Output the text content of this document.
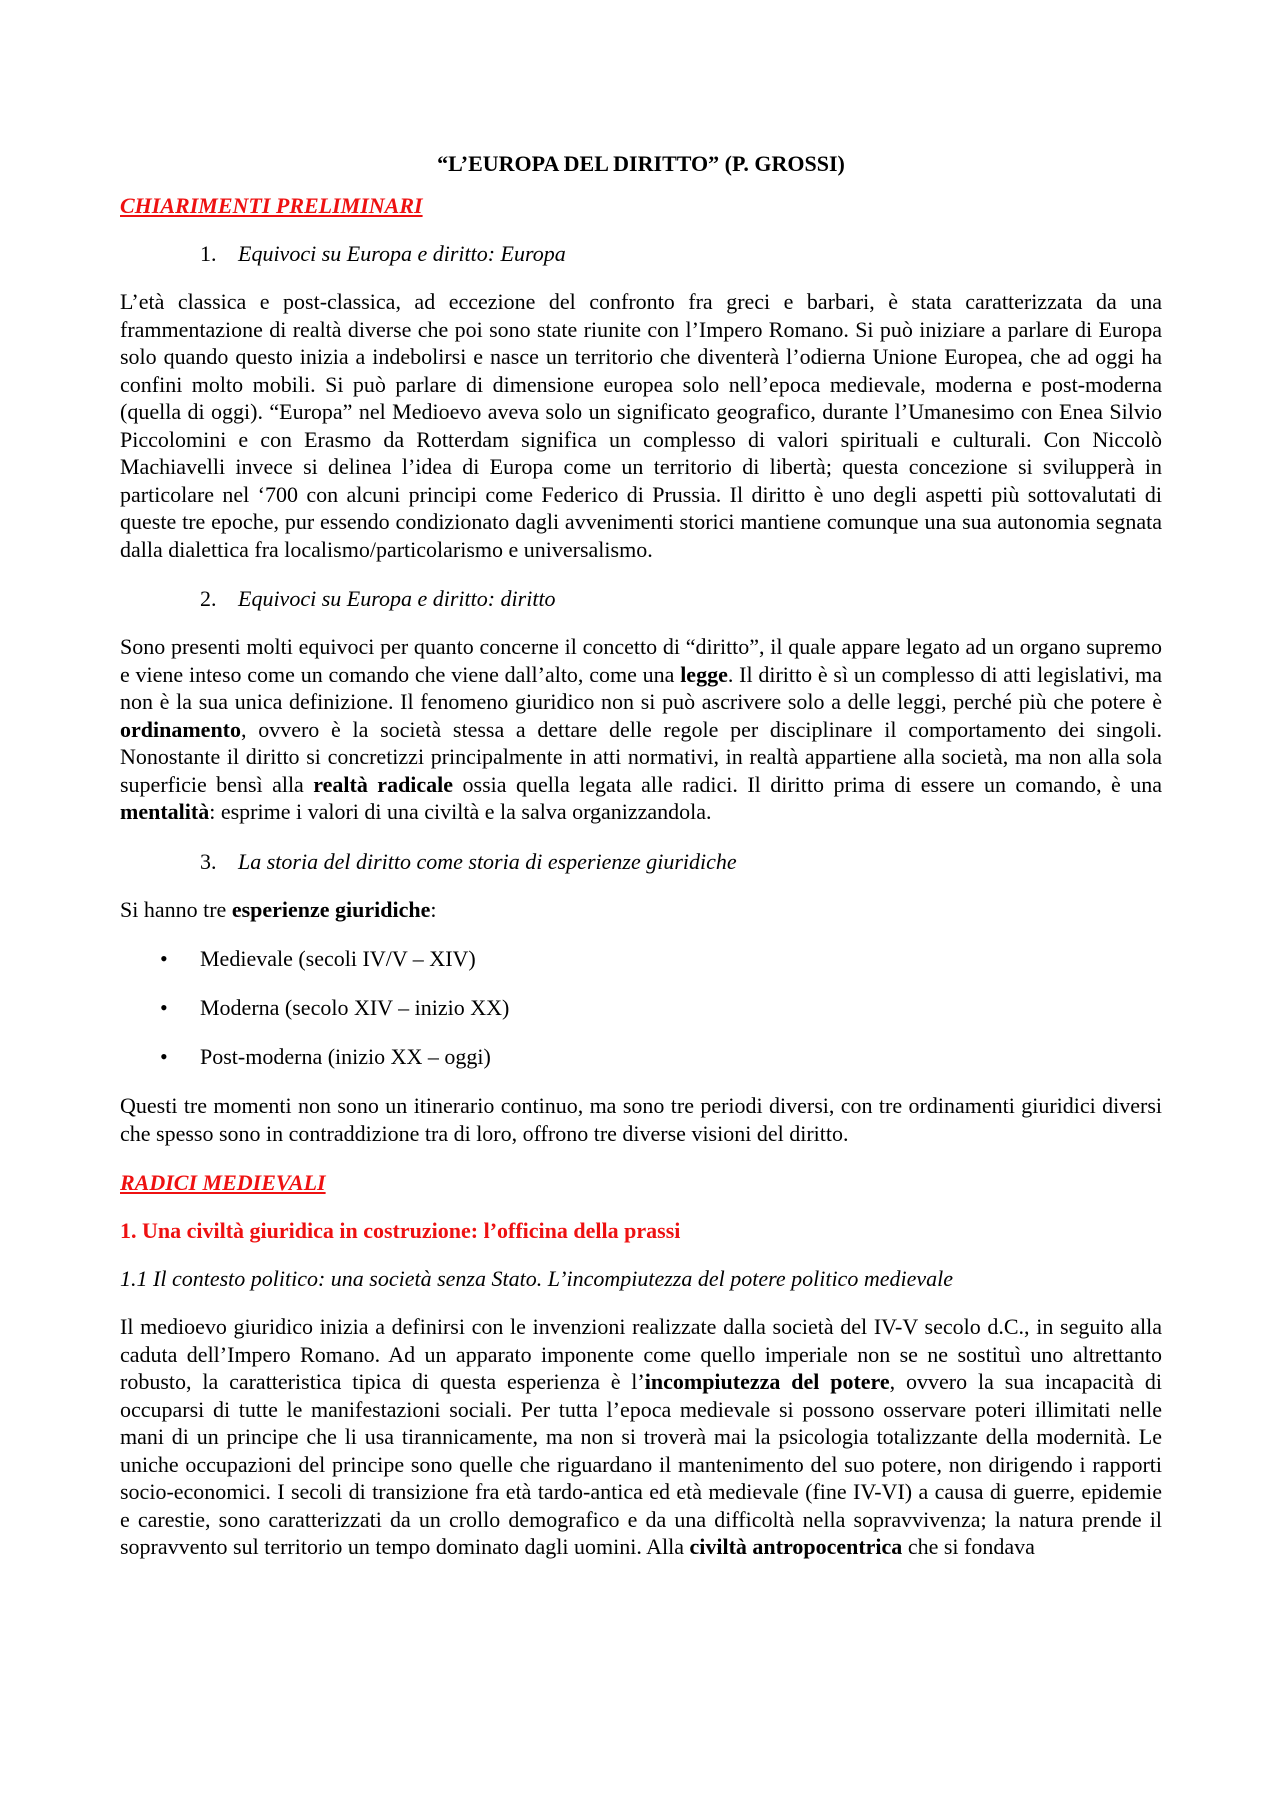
“L’EUROPA DEL DIRITTO” (P. GROSSI)
CHIARIMENTI PRELIMINARI
1. Equivoci su Europa e diritto: Europa

L’età classica e post-classica, ad eccezione del confronto fra greci e barbari, è stata caratterizzata da una frammentazione di realtà diverse che poi sono state riunite con l’Impero Romano. Si può iniziare a parlare di Europa solo quando questo inizia a indebolirsi e nasce un territorio che diventerà l’odierna Unione Europea, che ad oggi ha confini molto mobili. Si può parlare di dimensione europea solo nell’epoca medievale, moderna e post-moderna (quella di oggi). “Europa” nel Medioevo aveva solo un significato geografico, durante l’Umanesimo con Enea Silvio Piccolomini e con Erasmo da Rotterdam significa un complesso di valori spirituali e culturali. Con Niccolò Machiavelli invece si delinea l’idea di Europa come un territorio di libertà; questa concezione si svilupperà in particolare nel ‘700 con alcuni principi come Federico di Prussia. Il diritto è uno degli aspetti più sottovalutati di queste tre epoche, pur essendo condizionato dagli avvenimenti storici mantiene comunque una sua autonomia segnata dalla dialettica fra localismo/particolarismo e universalismo.

2. Equivoci su Europa e diritto: diritto

Sono presenti molti equivoci per quanto concerne il concetto di “diritto”, il quale appare legato ad un organo supremo e viene inteso come un comando che viene dall’alto, come una legge. Il diritto è sì un complesso di atti legislativi, ma non è la sua unica definizione. Il fenomeno giuridico non si può ascrivere solo a delle leggi, perché più che potere è ordinamento, ovvero è la società stessa a dettare delle regole per disciplinare il comportamento dei singoli. Nonostante il diritto si concretizzi principalmente in atti normativi, in realtà appartiene alla società, ma non alla sola superficie bensì alla realtà radicale ossia quella legata alle radici. Il diritto prima di essere un comando, è una mentalità: esprime i valori di una civiltà e la salva organizzandola.

3. La storia del diritto come storia di esperienze giuridiche

Si hanno tre esperienze giuridiche:

• Medievale (secoli IV/V – XIV)
• Moderna (secolo XIV – inizio XX)
• Post-moderna (inizio XX – oggi)

Questi tre momenti non sono un itinerario continuo, ma sono tre periodi diversi, con tre ordinamenti giuridici diversi che spesso sono in contraddizione tra di loro, offrono tre diverse visioni del diritto.

RADICI MEDIEVALI
1. Una civiltà giuridica in costruzione: l’officina della prassi
1.1 Il contesto politico: una società senza Stato. L’incompiutezza del potere politico medievale

Il medioevo giuridico inizia a definirsi con le invenzioni realizzate dalla società del IV-V secolo d.C., in seguito alla caduta dell’Impero Romano. Ad un apparato imponente come quello imperiale non se ne sostituì uno altrettanto robusto, la caratteristica tipica di questa esperienza è l’incompiutezza del potere, ovvero la sua incapacità di occuparsi di tutte le manifestazioni sociali. Per tutta l’epoca medievale si possono osservare poteri illimitati nelle mani di un principe che li usa tirannicamente, ma non si troverà mai la psicologia totalizzante della modernità. Le uniche occupazioni del principe sono quelle che riguardano il mantenimento del suo potere, non dirigendo i rapporti socio-economici. I secoli di transizione fra età tardo-antica ed età medievale (fine IV-VI) a causa di guerre, epidemie e carestie, sono caratterizzati da un crollo demografico e da una difficoltà nella sopravvivenza; la natura prende il sopravvento sul territorio un tempo dominato dagli uomini. Alla civiltà antropocentrica che si fondava
